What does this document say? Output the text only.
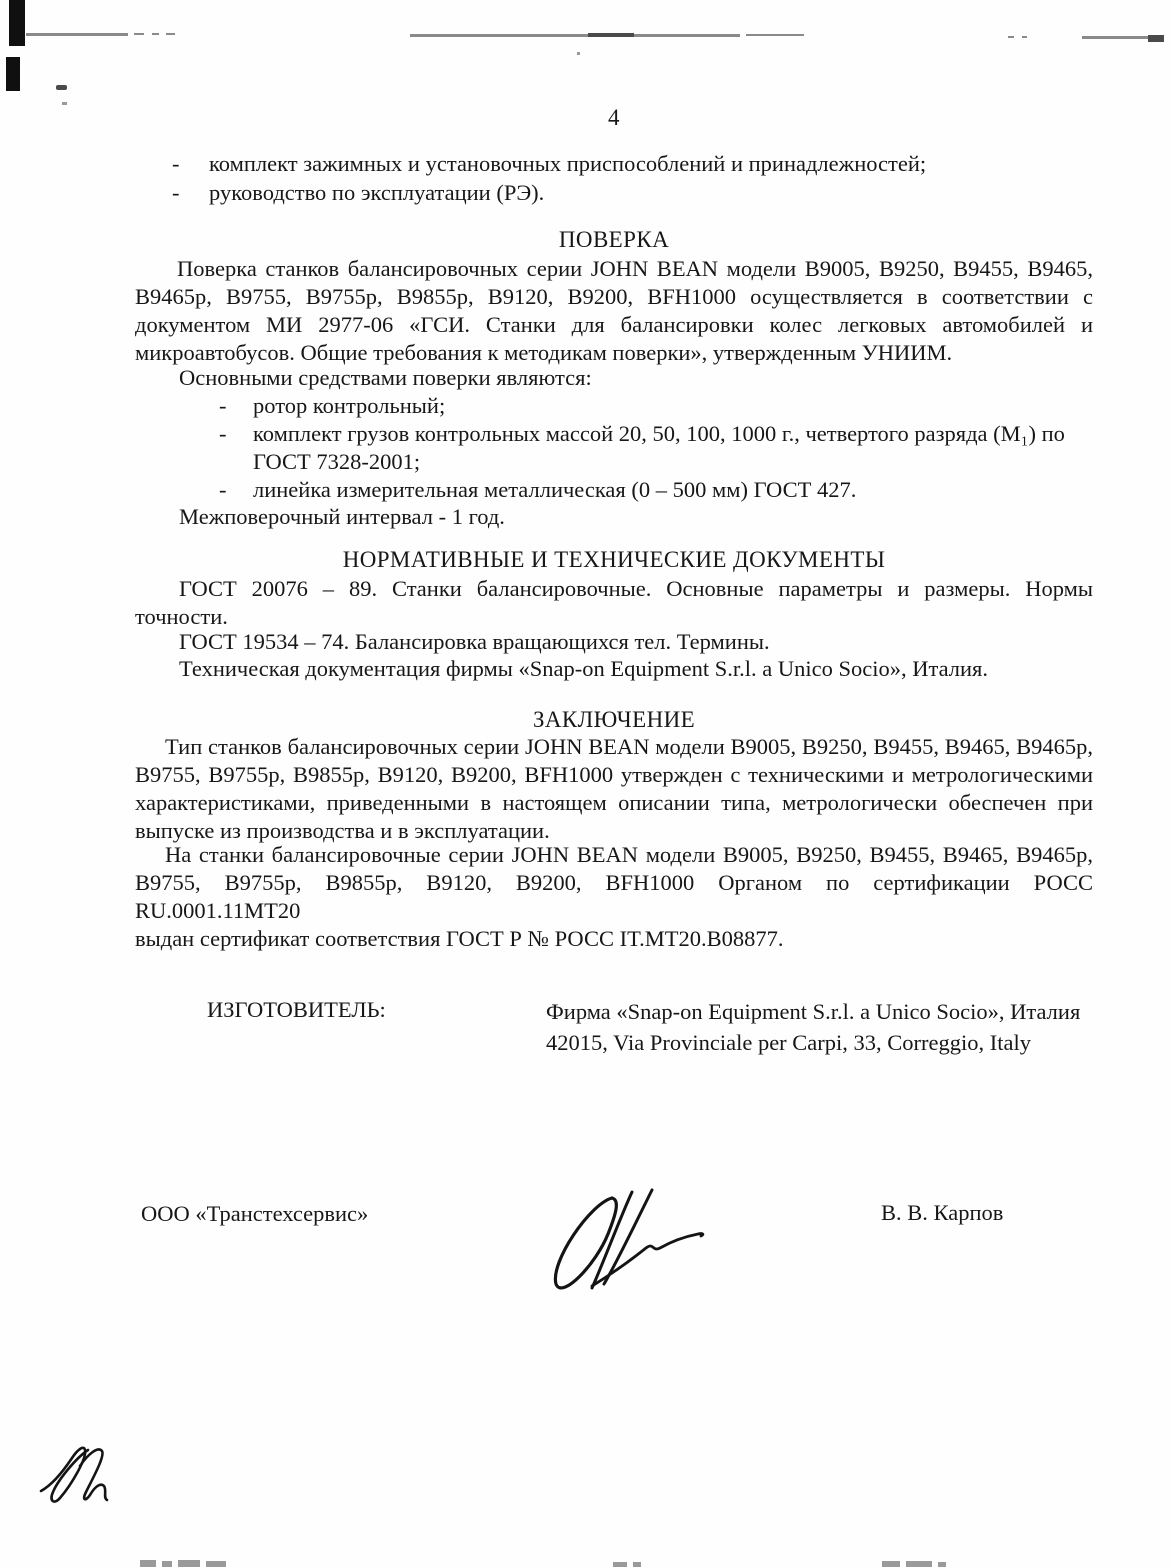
4
- комплект зажимных и установочных приспособлений и принадлежностей;
- руководство по эксплуатации (РЭ).
ПОВЕРКА
Поверка станков балансировочных серии JOHN BEAN модели В9005, В9250, В9455, В9465,
В9465р, В9755, В9755р, В9855р, В9120, В9200, BFH1000 осуществляется в соответствии с
документом МИ 2977-06 «ГСИ. Станки для балансировки колес легковых автомобилей и
микроавтобусов. Общие требования к методикам поверки», утвержденным УНИИМ.
Основными средствами поверки являются:
- ротор контрольный;
- комплект грузов контрольных массой 20, 50, 100, 1000 г., четвертого разряда (М₁) по
ГОСТ 7328-2001;
- линейка измерительная металлическая (0 – 500 мм) ГОСТ 427.
Межповерочный интервал - 1 год.
НОРМАТИВНЫЕ И ТЕХНИЧЕСКИЕ ДОКУМЕНТЫ
ГОСТ 20076 – 89. Станки балансировочные. Основные параметры и размеры. Нормы
точности.
ГОСТ 19534 – 74. Балансировка вращающихся тел. Термины.
Техническая документация фирмы «Snap-on Equipment S.r.l. a Unico Socio», Италия.
ЗАКЛЮЧЕНИЕ
Тип станков балансировочных серии JOHN BEAN модели В9005, В9250, В9455, В9465, В9465р,
В9755, В9755р, В9855р, В9120, В9200, BFH1000 утвержден с техническими и метрологическими
характеристиками, приведенными в настоящем описании типа, метрологически обеспечен при
выпуске из производства и в эксплуатации.
На станки балансировочные серии JOHN BEAN модели В9005, В9250, В9455, В9465, В9465р,
В9755, В9755р, В9855р, В9120, В9200, BFH1000 Органом по сертификации РОСС RU.0001.11МТ20
выдан сертификат соответствия ГОСТ Р № РОСС IT.МТ20.В08877.
ИЗГОТОВИТЕЛЬ:	Фирма «Snap-on Equipment S.r.l. a Unico Socio», Италия
42015, Via Provinciale per Carpi, 33, Correggio, Italy
ООО «Транстехсервис»	В. В. Карпов
